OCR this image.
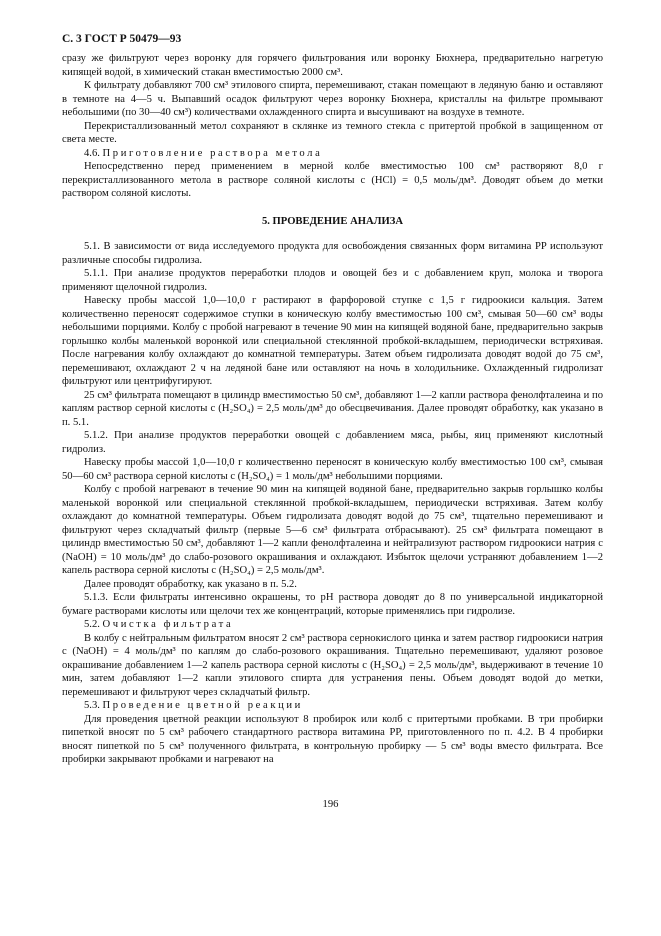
С. 3 ГОСТ Р 50479—93

сразу же фильтруют через воронку для горячего фильтрования или воронку Бюхнера, предварительно нагретую кипящей водой, в химический стакан вместимостью 2000 см³.

К фильтрату добавляют 700 см³ этилового спирта, перемешивают, стакан помещают в ледяную баню и оставляют в темноте на 4—5 ч. Выпавший осадок фильтруют через воронку Бюхнера, кристаллы на фильтре промывают небольшими (по 30—40 см³) количествами охлажденного спирта и высушивают на воздухе в темноте.

Перекристаллизованный метол сохраняют в склянке из темного стекла с притертой пробкой в защищенном от света месте.

4.6. Приготовление раствора метола

Непосредственно перед применением в мерной колбе вместимостью 100 см³ растворяют 8,0 г перекристаллизованного метола в растворе соляной кислоты c (HCl) = 0,5 моль/дм³. Доводят объем до метки раствором соляной кислоты.

5. ПРОВЕДЕНИЕ АНАЛИЗА

5.1. В зависимости от вида исследуемого продукта для освобождения связанных форм витамина PP используют различные способы гидролиза.

5.1.1. При анализе продуктов переработки плодов и овощей без и с добавлением круп, молока и творога применяют щелочной гидролиз.

Навеску пробы массой 1,0—10,0 г растирают в фарфоровой ступке с 1,5 г гидроокиси кальция. Затем количественно переносят содержимое ступки в коническую колбу вместимостью 100 см³, смывая 50—60 см³ воды небольшими порциями. Колбу с пробой нагревают в течение 90 мин на кипящей водяной бане, предварительно закрыв горлышко колбы маленькой воронкой или специальной стеклянной пробкой-вкладышем, периодически встряхивая. После нагревания колбу охлаждают до комнатной температуры. Затем объем гидролизата доводят водой до 75 см³, перемешивают, охлаждают 2 ч на ледяной бане или оставляют на ночь в холодильнике. Охлажденный гидролизат фильтруют или центрифугируют.

25 см³ фильтрата помещают в цилиндр вместимостью 50 см³, добавляют 1—2 капли раствора фенолфталеина и по каплям раствор серной кислоты c (H₂SO₄) = 2,5 моль/дм³ до обесцвечивания. Далее проводят обработку, как указано в п. 5.1.

5.1.2. При анализе продуктов переработки овощей с добавлением мяса, рыбы, яиц применяют кислотный гидролиз.

Навеску пробы массой 1,0—10,0 г количественно переносят в коническую колбу вместимостью 100 см³, смывая 50—60 см³ раствора серной кислоты c (H₂SO₄) = 1 моль/дм³ небольшими порциями.

Колбу с пробой нагревают в течение 90 мин на кипящей водяной бане, предварительно закрыв горлышко колбы маленькой воронкой или специальной стеклянной пробкой-вкладышем, периодически встряхивая. Затем колбу охлаждают до комнатной температуры. Объем гидролизата доводят водой до 75 см³, тщательно перемешивают и фильтруют через складчатый фильтр (первые 5—6 см³ фильтрата отбрасывают). 25 см³ фильтрата помещают в цилиндр вместимостью 50 см³, добавляют 1—2 капли фенолфталеина и нейтрализуют раствором гидроокиси натрия c (NaOH) = 10 моль/дм³ до слабо-розового окрашивания и охлаждают. Избыток щелочи устраняют добавлением 1—2 капель раствора серной кислоты c (H₂SO₄) = 2,5 моль/дм³.

Далее проводят обработку, как указано в п. 5.2.

5.1.3. Если фильтраты интенсивно окрашены, то pH раствора доводят до 8 по универсальной индикаторной бумаге растворами кислоты или щелочи тех же концентраций, которые применялись при гидролизе.

5.2. Очистка фильтрата

В колбу с нейтральным фильтратом вносят 2 см³ раствора сернокислого цинка и затем раствор гидроокиси натрия c (NaOH) = 4 моль/дм³ по каплям до слабо-розового окрашивания. Тщательно перемешивают, удаляют розовое окрашивание добавлением 1—2 капель раствора серной кислоты c (H₂SO₄) = 2,5 моль/дм³, выдерживают в течение 10 мин, затем добавляют 1—2 капли этилового спирта для устранения пены. Объем доводят водой до метки, перемешивают и фильтруют через складчатый фильтр.

5.3. Проведение цветной реакции

Для проведения цветной реакции используют 8 пробирок или колб с притертыми пробками. В три пробирки пипеткой вносят по 5 см³ рабочего стандартного раствора витамина PP, приготовленного по п. 4.2. В 4 пробирки вносят пипеткой по 5 см³ полученного фильтрата, в контрольную пробирку — 5 см³ воды вместо фильтрата. Все пробирки закрывают пробками и нагревают на

196
